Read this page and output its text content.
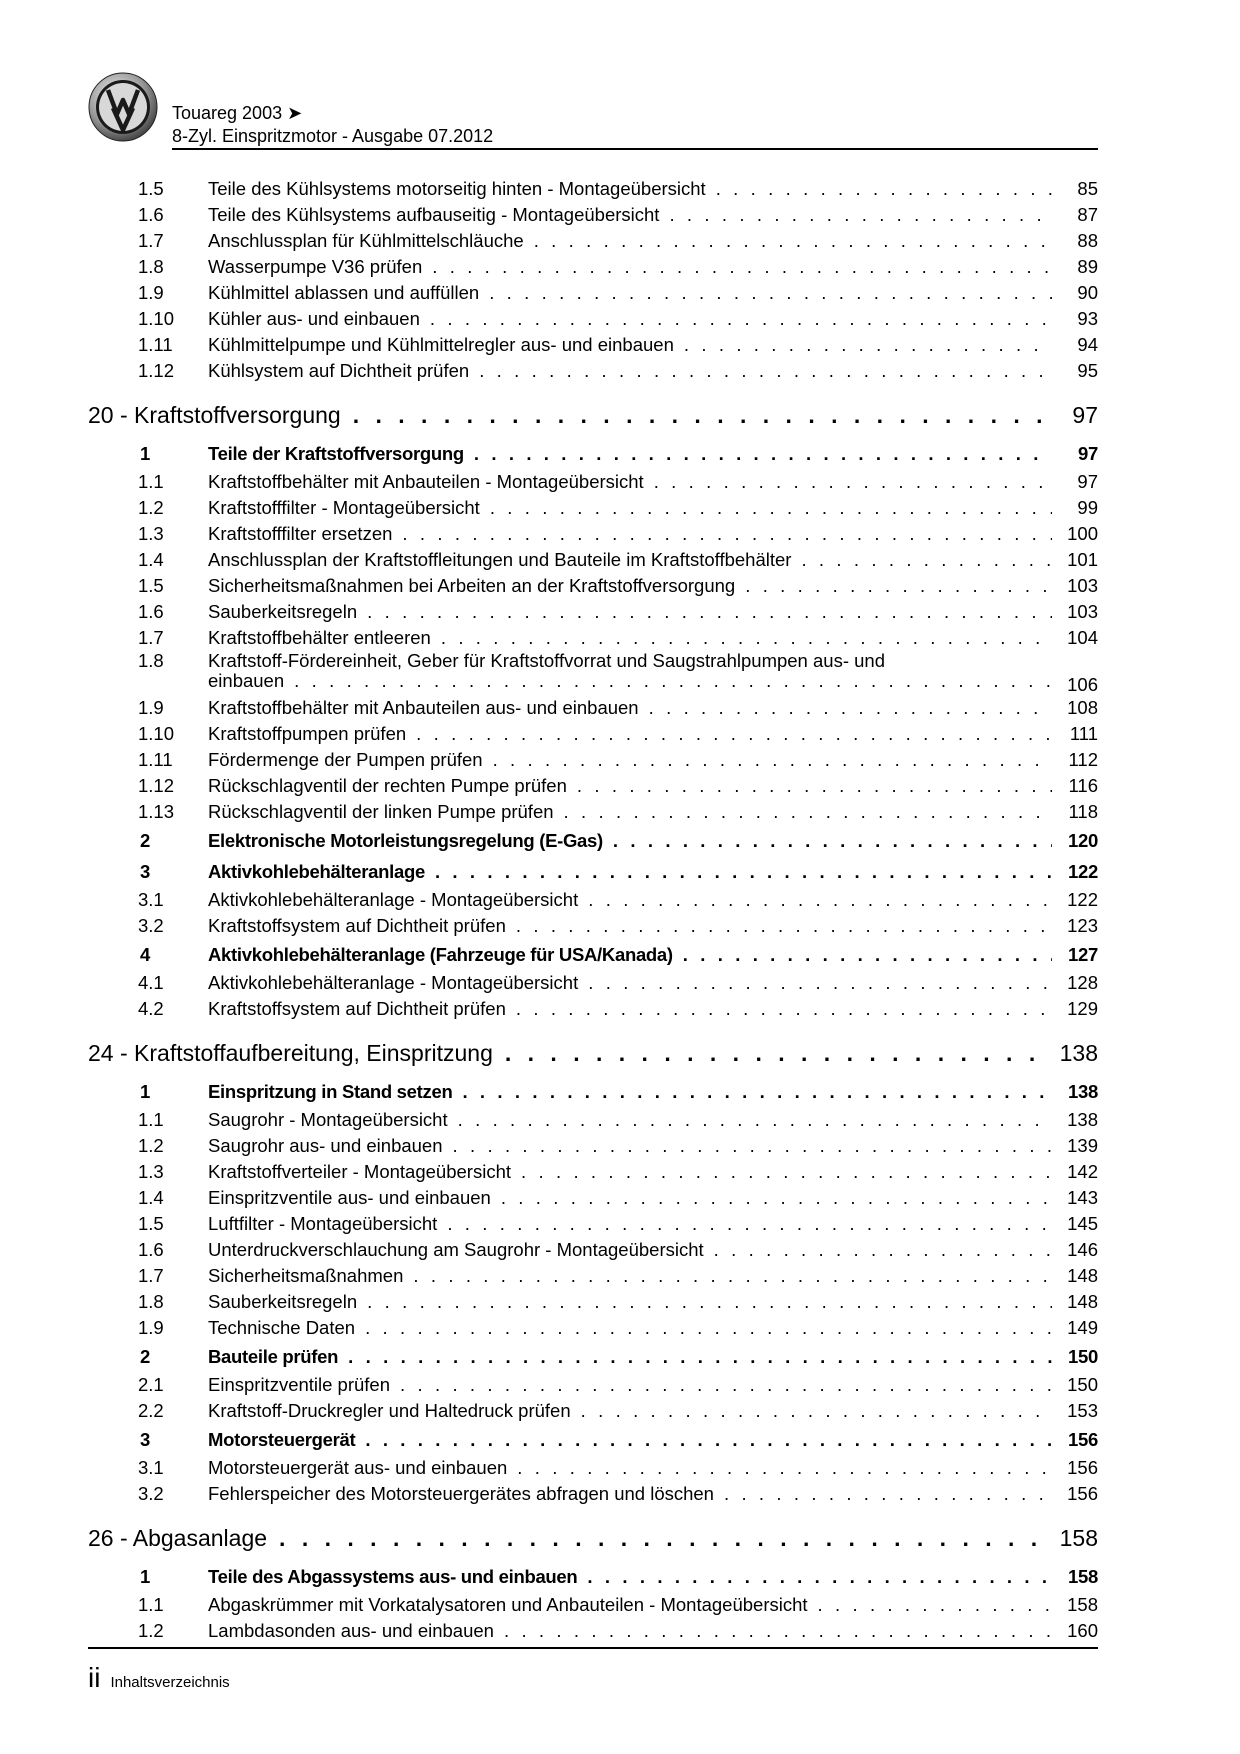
Touareg 2003 ➤
8-Zyl. Einspritzmotor - Ausgabe 07.2012
1.5	Teile des Kühlsystems motorseitig hinten - Montageübersicht . . .	85
1.6	Teile des Kühlsystems aufbauseitig - Montageübersicht . . .	87
1.7	Anschlussplan für Kühlmittelschläuche . . .	88
1.8	Wasserpumpe V36 prüfen . . .	89
1.9	Kühlmittel ablassen und auffüllen . . .	90
1.10	Kühler aus- und einbauen . . .	93
1.11	Kühlmittelpumpe und Kühlmittelregler aus- und einbauen . . .	94
1.12	Kühlsystem auf Dichtheit prüfen . . .	95
20 - Kraftstoffversorgung . . .	97
1	Teile der Kraftstoffversorgung . . .	97
1.1	Kraftstoffbehälter mit Anbauteilen - Montageübersicht . . .	97
1.2	Kraftstofffilter - Montageübersicht . . .	99
1.3	Kraftstofffilter ersetzen . . .	100
1.4	Anschlussplan der Kraftstoffleitungen und Bauteile im Kraftstoffbehälter . . .	101
1.5	Sicherheitsmaßnahmen bei Arbeiten an der Kraftstoffversorgung . . .	103
1.6	Sauberkeitsregeln . . .	103
1.7	Kraftstoffbehälter entleeren . . .	104
1.8	Kraftstoff-Fördereinheit, Geber für Kraftstoffvorrat und Saugstrahlpumpen aus- und
einbauen . . .	106
1.9	Kraftstoffbehälter mit Anbauteilen aus- und einbauen . . .	108
1.10	Kraftstoffpumpen prüfen . . .	111
1.11	Fördermenge der Pumpen prüfen . . .	112
1.12	Rückschlagventil der rechten Pumpe prüfen . . .	116
1.13	Rückschlagventil der linken Pumpe prüfen . . .	118
2	Elektronische Motorleistungsregelung (E-Gas) . . .	120
3	Aktivkohlebehälteranlage . . .	122
3.1	Aktivkohlebehälteranlage - Montageübersicht . . .	122
3.2	Kraftstoffsystem auf Dichtheit prüfen . . .	123
4	Aktivkohlebehälteranlage (Fahrzeuge für USA/Kanada) . . .	127
4.1	Aktivkohlebehälteranlage - Montageübersicht . . .	128
4.2	Kraftstoffsystem auf Dichtheit prüfen . . .	129
24 - Kraftstoffaufbereitung, Einspritzung . . .	138
1	Einspritzung in Stand setzen . . .	138
1.1	Saugrohr - Montageübersicht . . .	138
1.2	Saugrohr aus- und einbauen . . .	139
1.3	Kraftstoffverteiler - Montageübersicht . . .	142
1.4	Einspritzventile aus- und einbauen . . .	143
1.5	Luftfilter - Montageübersicht . . .	145
1.6	Unterdruckverschlauchung am Saugrohr - Montageübersicht . . .	146
1.7	Sicherheitsmaßnahmen . . .	148
1.8	Sauberkeitsregeln . . .	148
1.9	Technische Daten . . .	149
2	Bauteile prüfen . . .	150
2.1	Einspritzventile prüfen . . .	150
2.2	Kraftstoff-Druckregler und Haltedruck prüfen . . .	153
3	Motorsteuergerät . . .	156
3.1	Motorsteuergerät aus- und einbauen . . .	156
3.2	Fehlerspeicher des Motorsteuergerätes abfragen und löschen . . .	156
26 - Abgasanlage . . .	158
1	Teile des Abgassystems aus- und einbauen . . .	158
1.1	Abgaskrümmer mit Vorkatalysatoren und Anbauteilen - Montageübersicht . . .	158
1.2	Lambdasonden aus- und einbauen . . .	160
ii Inhaltsverzeichnis
